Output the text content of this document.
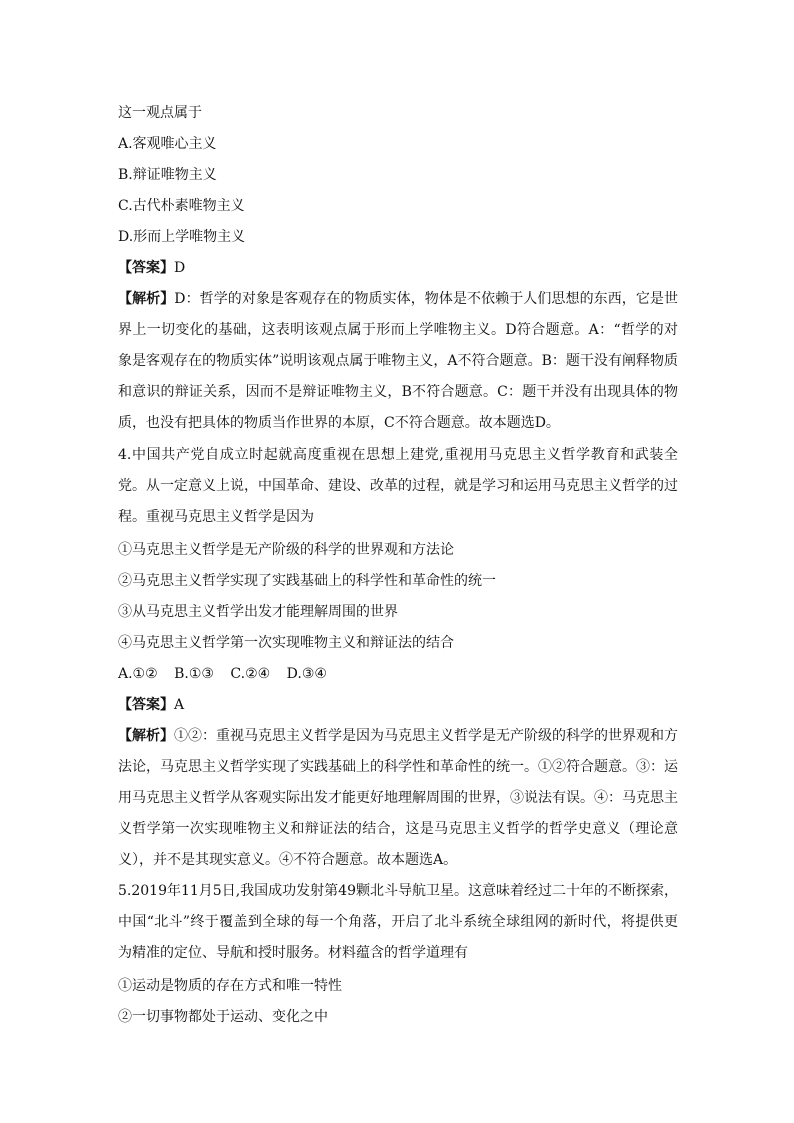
这一观点属于
A.客观唯心主义
B.辩证唯物主义
C.古代朴素唯物主义
D.形而上学唯物主义
【答案】D
【解析】D：哲学的对象是客观存在的物质实体，物体是不依赖于人们思想的东西，它是世界上一切变化的基础，这表明该观点属于形而上学唯物主义。D符合题意。A：“哲学的对象是客观存在的物质实体”说明该观点属于唯物主义，A不符合题意。B：题干没有阐释物质和意识的辩证关系，因而不是辩证唯物主义，B不符合题意。C：题干并没有出现具体的物质，也没有把具体的物质当作世界的本原，C不符合题意。故本题选D。
4.中国共产党自成立时起就高度重视在思想上建党,重视用马克思主义哲学教育和武装全党。从一定意义上说，中国革命、建设、改革的过程，就是学习和运用马克思主义哲学的过程。重视马克思主义哲学是因为
①马克思主义哲学是无产阶级的科学的世界观和方法论
②马克思主义哲学实现了实践基础上的科学性和革命性的统一
③从马克思主义哲学出发才能理解周围的世界
④马克思主义哲学第一次实现唯物主义和辩证法的结合
A.①② B.①③ C.②④ D.③④
【答案】A
【解析】①②：重视马克思主义哲学是因为马克思主义哲学是无产阶级的科学的世界观和方法论，马克思主义哲学实现了实践基础上的科学性和革命性的统一。①②符合题意。③：运用马克思主义哲学从客观实际出发才能更好地理解周围的世界，③说法有误。④：马克思主义哲学第一次实现唯物主义和辩证法的结合，这是马克思主义哲学的哲学史意义（理论意义），并不是其现实意义。④不符合题意。故本题选A。
5.2019年11月5日,我国成功发射第49颗北斗导航卫星。这意味着经过二十年的不断探索，中国“北斗”终于覆盖到全球的每一个角落，开启了北斗系统全球组网的新时代，将提供更为精准的定位、导航和授时服务。材料蕴含的哲学道理有
①运动是物质的存在方式和唯一特性
②一切事物都处于运动、变化之中
